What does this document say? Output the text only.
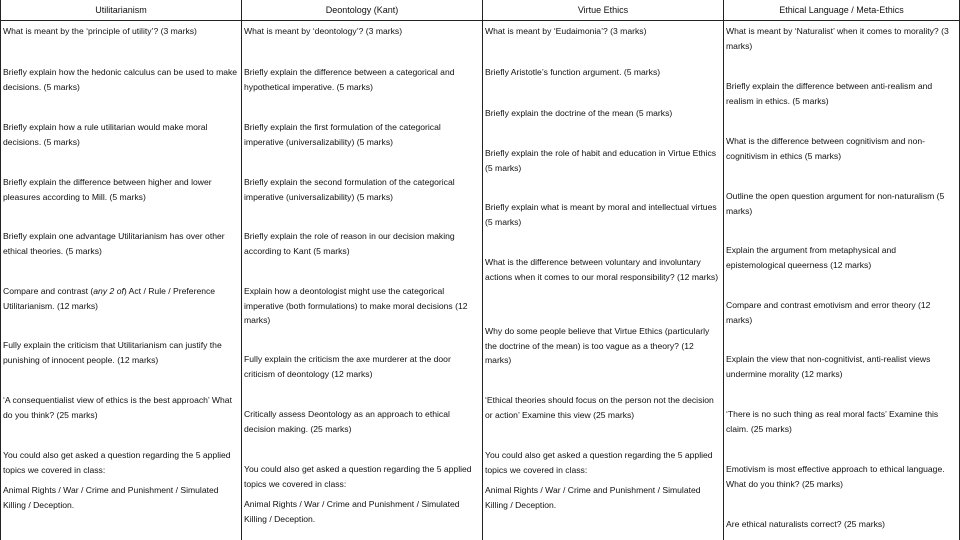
Utilitarianism
What is meant by the ‘principle of utility’? (3 marks)
Briefly explain how the hedonic calculus can be used to make decisions. (5 marks)
Briefly explain how a rule utilitarian would make moral decisions. (5 marks)
Briefly explain the difference between higher and lower pleasures according to Mill. (5 marks)
Briefly explain one advantage Utilitarianism has over other ethical theories. (5 marks)
Compare and contrast (any 2 of) Act / Rule / Preference Utilitarianism. (12 marks)
Fully explain the criticism that Utilitarianism can justify the punishing of innocent people. (12 marks)
‘A consequentialist view of ethics is the best approach’ What do you think? (25 marks)
You could also get asked a question regarding the 5 applied topics we covered in class:
Animal Rights / War / Crime and Punishment / Simulated Killing / Deception.
Deontology (Kant)
What is meant by ‘deontology’? (3 marks)
Briefly explain the difference between a categorical and hypothetical imperative. (5 marks)
Briefly explain the first formulation of the categorical imperative (universalizability) (5 marks)
Briefly explain the second formulation of the categorical imperative (universalizability) (5 marks)
Briefly explain the role of reason in our decision making according to Kant (5 marks)
Explain how a deontologist might use the categorical imperative (both formulations) to make moral decisions (12 marks)
Fully explain the criticism the axe murderer at the door criticism of deontology (12 marks)
Critically assess Deontology as an approach to ethical decision making. (25 marks)
You could also get asked a question regarding the 5 applied topics we covered in class:
Animal Rights / War / Crime and Punishment / Simulated Killing / Deception.
Virtue Ethics
What is meant by ‘Eudaimonia’? (3 marks)
Briefly Aristotle’s function argument. (5 marks)
Briefly explain the doctrine of the mean (5 marks)
Briefly explain the role of habit and education in Virtue Ethics (5 marks)
Briefly explain what is meant by moral and intellectual virtues (5 marks)
What is the difference between voluntary and involuntary actions when it comes to our moral responsibility? (12 marks)
Why do some people believe that Virtue Ethics (particularly the doctrine of the mean) is too vague as a theory? (12 marks)
‘Ethical theories should focus on the person not the decision or action’ Examine this view (25 marks)
You could also get asked a question regarding the 5 applied topics we covered in class:
Animal Rights / War / Crime and Punishment / Simulated Killing / Deception.
Ethical Language / Meta-Ethics
What is meant by ‘Naturalist’ when it comes to morality? (3 marks)
Briefly explain the difference between anti-realism and realism in ethics. (5 marks)
What is the difference between cognitivism and non-cognitivism in ethics (5 marks)
Outline the open question argument for non-naturalism (5 marks)
Explain the argument from metaphysical and epistemological queerness (12 marks)
Compare and contrast emotivism and error theory (12 marks)
Explain the view that non-cognitivist, anti-realist views undermine morality (12 marks)
‘There is no such thing as real moral facts’ Examine this claim. (25 marks)
Emotivism is most effective approach to ethical language. What do you think? (25 marks)
Are ethical naturalists correct? (25 marks)
